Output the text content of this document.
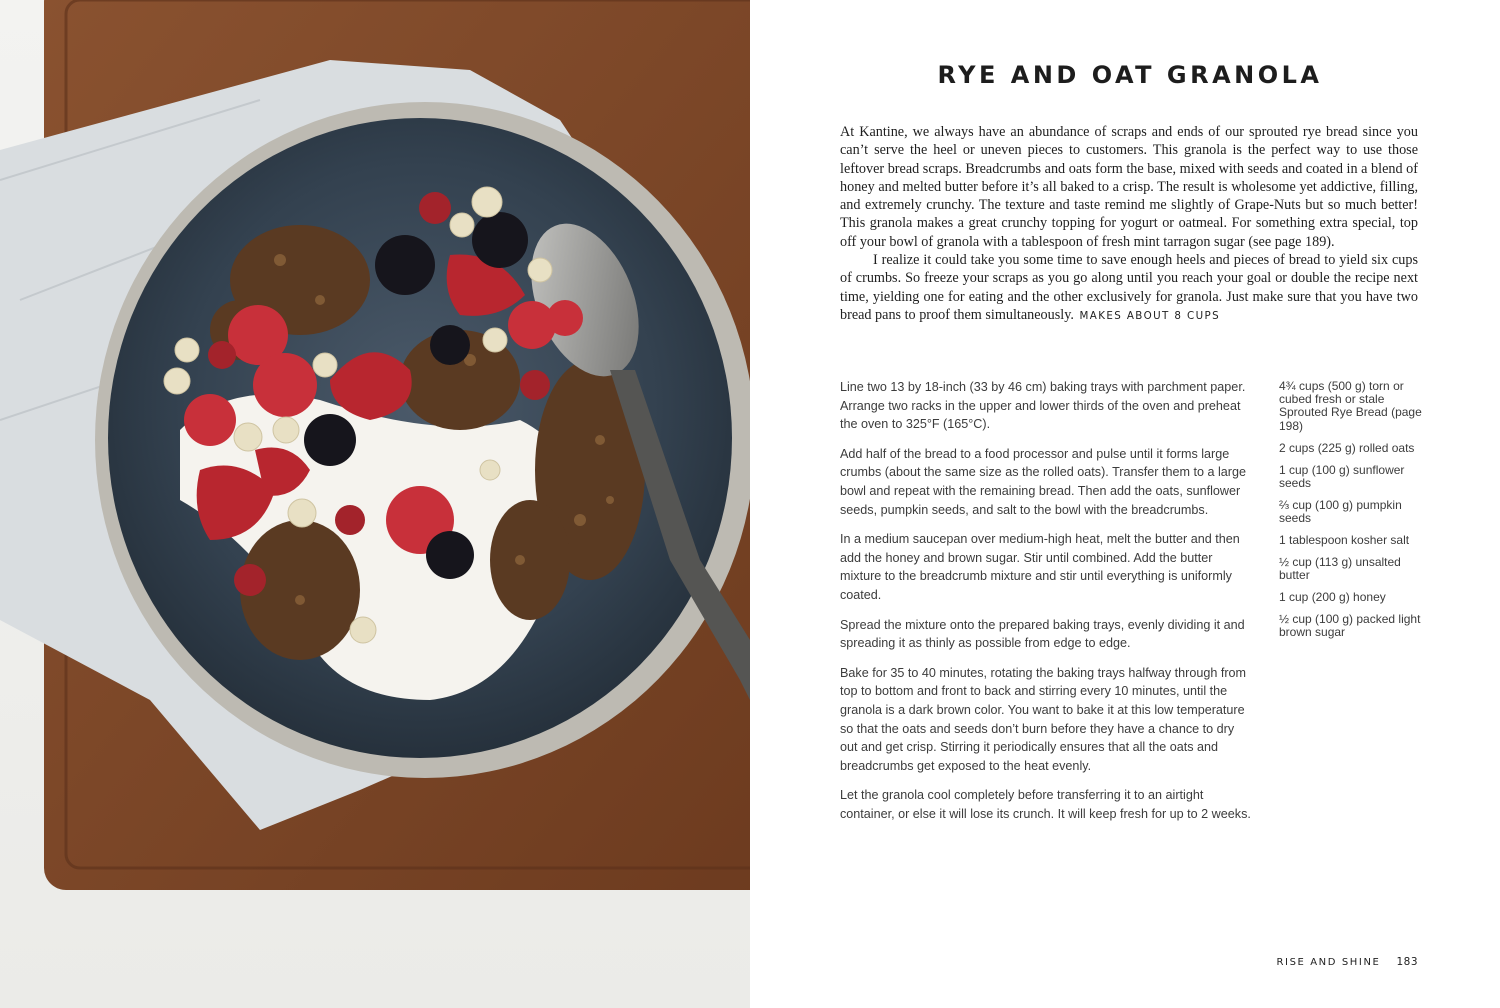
RYE AND OAT GRANOLA

At Kantine, we always have an abundance of scraps and ends of our sprouted rye bread since you can’t serve the heel or uneven pieces to customers. This granola is the perfect way to use those leftover bread scraps. Breadcrumbs and oats form the base, mixed with seeds and coated in a blend of honey and melted butter before it’s all baked to a crisp. The result is wholesome yet addictive, filling, and extremely crunchy. The texture and taste remind me slightly of Grape-Nuts but so much better! This granola makes a great crunchy topping for yogurt or oatmeal. For something extra special, top off your bowl of granola with a tablespoon of fresh mint tarragon sugar (see page 189).

I realize it could take you some time to save enough heels and pieces of bread to yield six cups of crumbs. So freeze your scraps as you go along until you reach your goal or double the recipe next time, yielding one for eating and the other exclusively for granola. Just make sure that you have two bread pans to proof them simultaneously. MAKES ABOUT 8 CUPS

Line two 13 by 18-inch (33 by 46 cm) baking trays with parchment paper. Arrange two racks in the upper and lower thirds of the oven and preheat the oven to 325°F (165°C).

Add half of the bread to a food processor and pulse until it forms large crumbs (about the same size as the rolled oats). Transfer them to a large bowl and repeat with the remaining bread. Then add the oats, sunflower seeds, pumpkin seeds, and salt to the bowl with the breadcrumbs.

In a medium saucepan over medium-high heat, melt the butter and then add the honey and brown sugar. Stir until combined. Add the butter mixture to the breadcrumb mixture and stir until everything is uniformly coated.

Spread the mixture onto the prepared baking trays, evenly dividing it and spreading it as thinly as possible from edge to edge.

Bake for 35 to 40 minutes, rotating the baking trays halfway through from top to bottom and front to back and stirring every 10 minutes, until the granola is a dark brown color. You want to bake it at this low temperature so that the oats and seeds don’t burn before they have a chance to dry out and get crisp. Stirring it periodically ensures that all the oats and breadcrumbs get exposed to the heat evenly.

Let the granola cool completely before transferring it to an airtight container, or else it will lose its crunch. It will keep fresh for up to 2 weeks.

4¾ cups (500 g) torn or cubed fresh or stale Sprouted Rye Bread (page 198)
2 cups (225 g) rolled oats
1 cup (100 g) sunflower seeds
⅔ cup (100 g) pumpkin seeds
1 tablespoon kosher salt
½ cup (113 g) unsalted butter
1 cup (200 g) honey
½ cup (100 g) packed light brown sugar
RISE AND SHINE 183
